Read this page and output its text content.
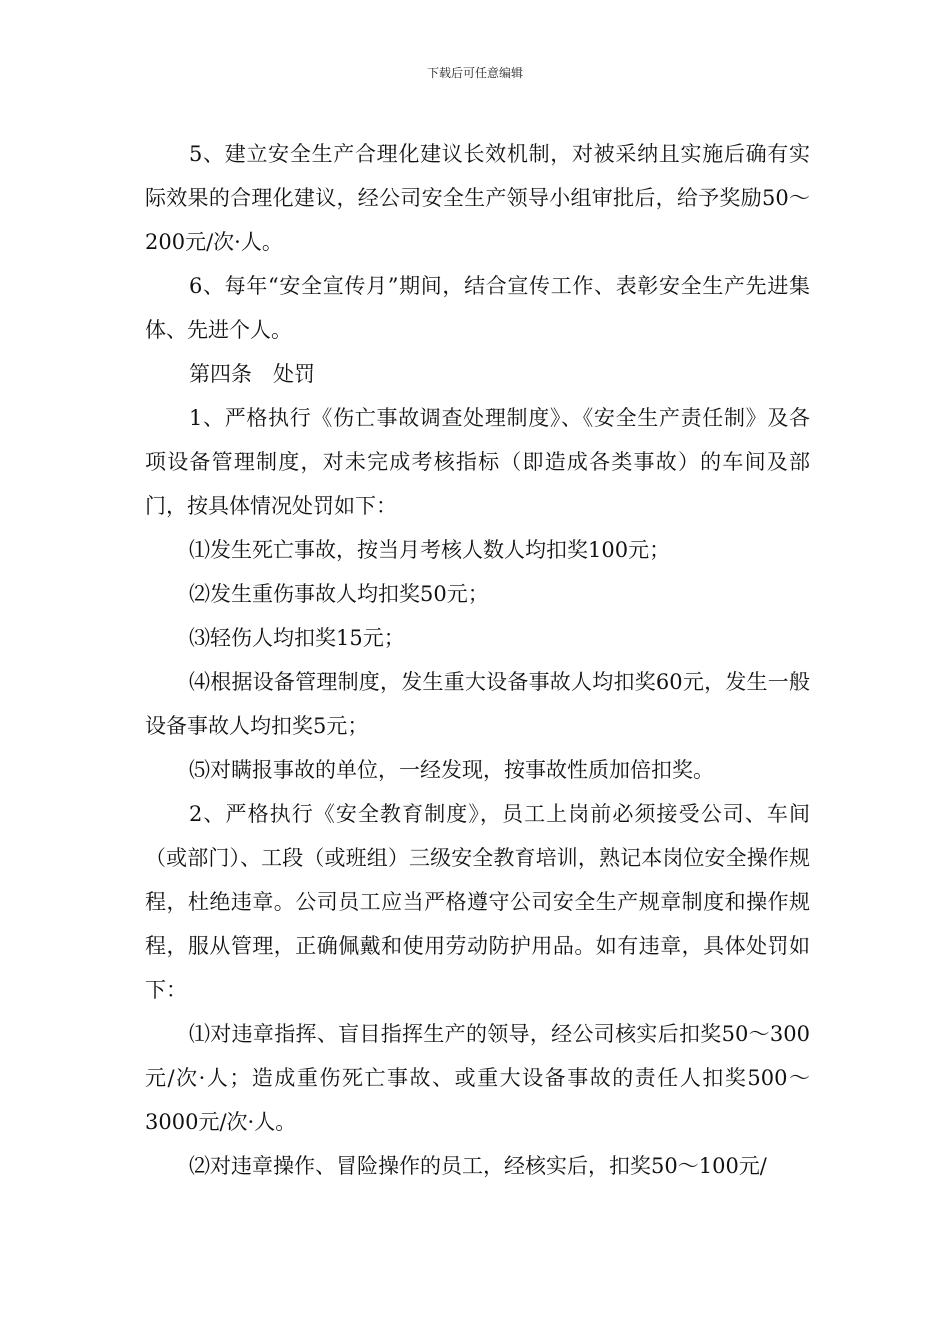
下载后可任意编辑

5、建立安全生产合理化建议长效机制，对被采纳且实施后确有实际效果的合理化建议，经公司安全生产领导小组审批后，给予奖励50～200元/次·人。

6、每年“安全宣传月”期间，结合宣传工作、表彰安全生产先进集体、先进个人。

第四条　处罚

1、严格执行《伤亡事故调查处理制度》、《安全生产责任制》及各项设备管理制度，对未完成考核指标（即造成各类事故）的车间及部门，按具体情况处罚如下：

⑴发生死亡事故，按当月考核人数人均扣奖100元；

⑵发生重伤事故人均扣奖50元；

⑶轻伤人均扣奖15元；

⑷根据设备管理制度，发生重大设备事故人均扣奖60元，发生一般设备事故人均扣奖5元；

⑸对瞒报事故的单位，一经发现，按事故性质加倍扣奖。

2、严格执行《安全教育制度》，员工上岗前必须接受公司、车间（或部门）、工段（或班组）三级安全教育培训，熟记本岗位安全操作规程，杜绝违章。公司员工应当严格遵守公司安全生产规章制度和操作规程，服从管理，正确佩戴和使用劳动防护用品。如有违章，具体处罚如下：

⑴对违章指挥、盲目指挥生产的领导，经公司核实后扣奖50～300元/次·人；造成重伤死亡事故、或重大设备事故的责任人扣奖500～3000元/次·人。

⑵对违章操作、冒险操作的员工，经核实后，扣奖50～100元/
